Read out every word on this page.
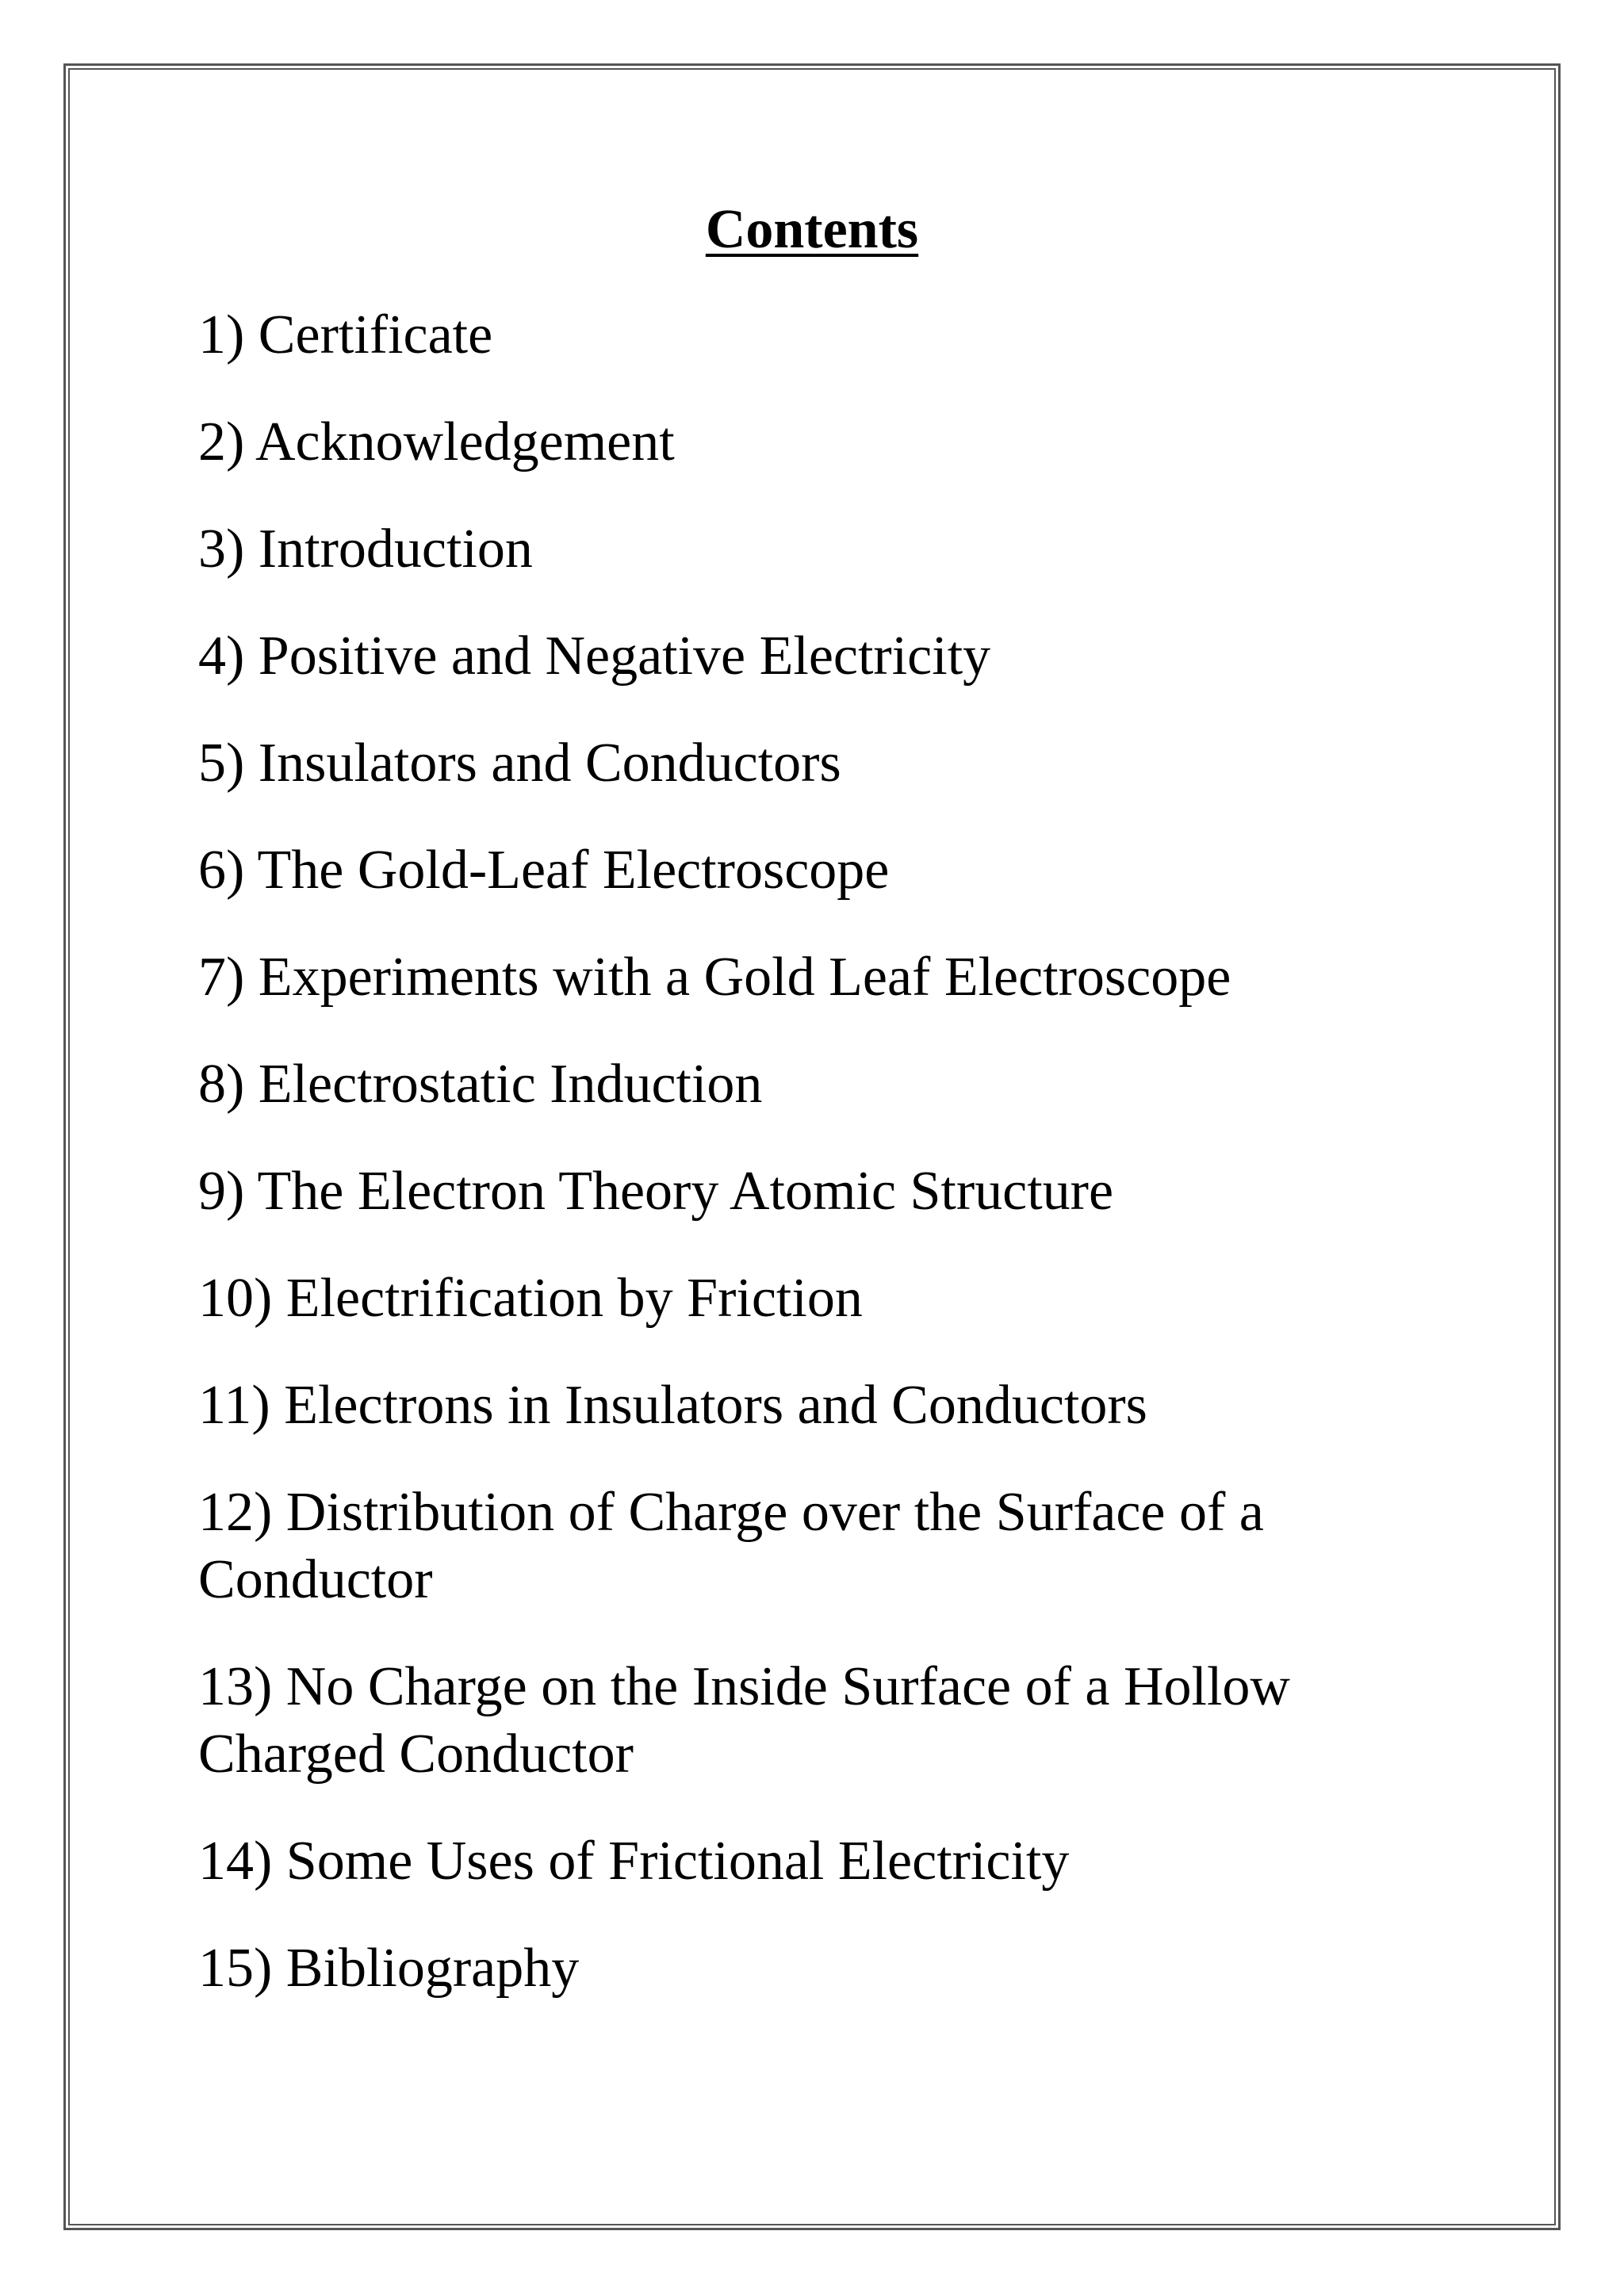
Contents
1) Certificate
2) Acknowledgement
3) Introduction
4) Positive and Negative Electricity
5) Insulators and Conductors
6) The Gold-Leaf Electroscope
7) Experiments with a Gold Leaf Electroscope
8) Electrostatic Induction
9) The Electron Theory Atomic Structure
10) Electrification by Friction
11) Electrons in Insulators and Conductors
12) Distribution of Charge over the Surface of a Conductor
13) No Charge on the Inside Surface of a Hollow Charged Conductor
14) Some Uses of Frictional Electricity
15) Bibliography
